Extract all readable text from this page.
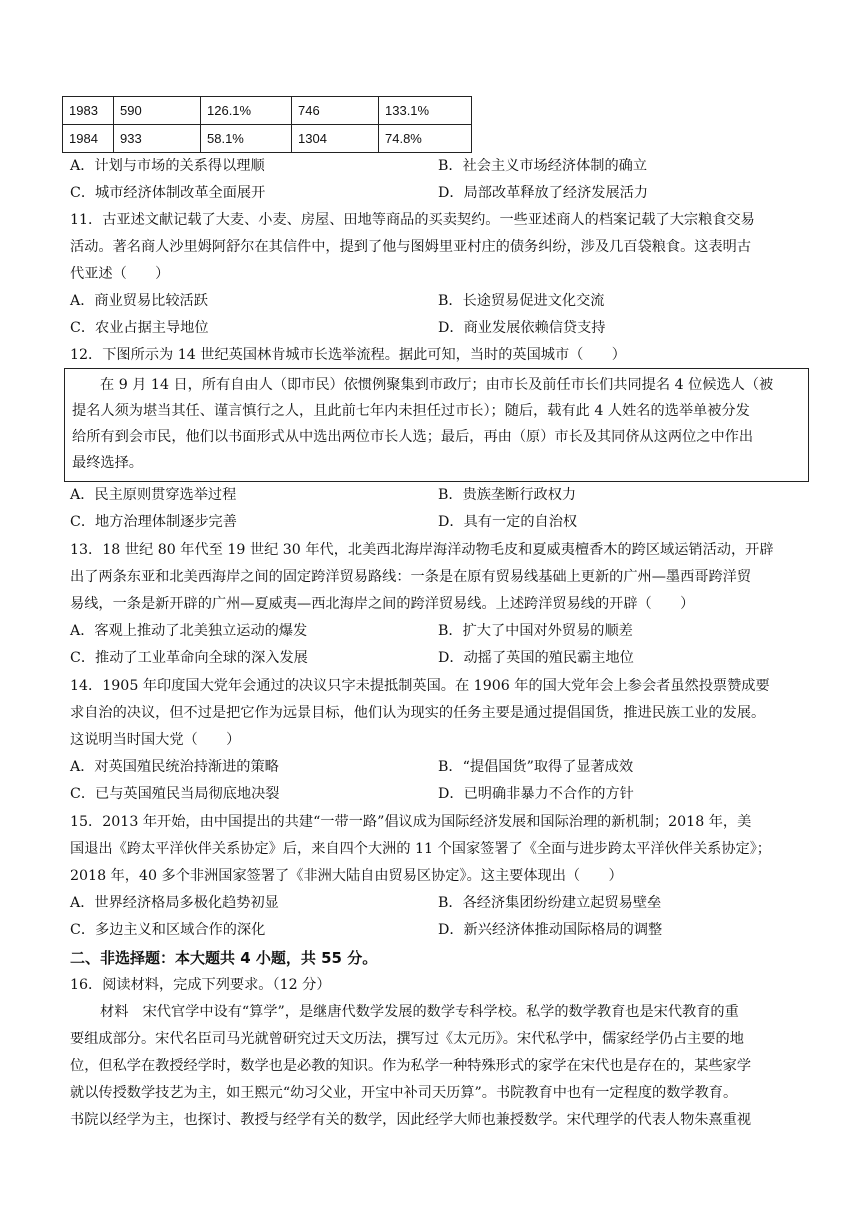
1983	590	126.1%	746	133.1%
1984	933	58.1%	1304	74.8%
A．计划与市场的关系得以理顺	B．社会主义市场经济体制的确立
C．城市经济体制改革全面展开	D．局部改革释放了经济发展活力
11．古亚述文献记载了大麦、小麦、房屋、田地等商品的买卖契约。一些亚述商人的档案记载了大宗粮食交易
活动。著名商人沙里姆阿舒尔在其信件中，提到了他与图姆里亚村庄的债务纠纷，涉及几百袋粮食。这表明古
代亚述（　　）
A．商业贸易比较活跃	B．长途贸易促进文化交流
C．农业占据主导地位	D．商业发展依赖信贷支持
12．下图所示为 14 世纪英国林肯城市长选举流程。据此可知，当时的英国城市（　　）
在 9 月 14 日，所有自由人（即市民）依惯例聚集到市政厅；由市长及前任市长们共同提名 4 位候选人（被
提名人须为堪当其任、谨言慎行之人，且此前七年内未担任过市长）；随后，载有此 4 人姓名的选举单被分发
给所有到会市民，他们以书面形式从中选出两位市长人选；最后，再由（原）市长及其同侪从这两位之中作出
最终选择。
A．民主原则贯穿选举过程	B．贵族垄断行政权力
C．地方治理体制逐步完善	D．具有一定的自治权
13．18 世纪 80 年代至 19 世纪 30 年代，北美西北海岸海洋动物毛皮和夏威夷檀香木的跨区域运销活动，开辟
出了两条东亚和北美西海岸之间的固定跨洋贸易路线：一条是在原有贸易线基础上更新的广州—墨西哥跨洋贸
易线，一条是新开辟的广州—夏威夷—西北海岸之间的跨洋贸易线。上述跨洋贸易线的开辟（　　）
A．客观上推动了北美独立运动的爆发	B．扩大了中国对外贸易的顺差
C．推动了工业革命向全球的深入发展	D．动摇了英国的殖民霸主地位
14．1905 年印度国大党年会通过的决议只字未提抵制英国。在 1906 年的国大党年会上参会者虽然投票赞成要
求自治的决议，但不过是把它作为远景目标，他们认为现实的任务主要是通过提倡国货，推进民族工业的发展。
这说明当时国大党（　　）
A．对英国殖民统治持渐进的策略	B．“提倡国货”取得了显著成效
C．已与英国殖民当局彻底地决裂	D．已明确非暴力不合作的方针
15．2013 年开始，由中国提出的共建“一带一路”倡议成为国际经济发展和国际治理的新机制；2018 年，美
国退出《跨太平洋伙伴关系协定》后，来自四个大洲的 11 个国家签署了《全面与进步跨太平洋伙伴关系协定》；
2018 年，40 多个非洲国家签署了《非洲大陆自由贸易区协定》。这主要体现出（　　）
A．世界经济格局多极化趋势初显	B．各经济集团纷纷建立起贸易壁垒
C．多边主义和区域合作的深化	D．新兴经济体推动国际格局的调整
二、非选择题：本大题共 4 小题，共 55 分。
16．阅读材料，完成下列要求。（12 分）
材料　宋代官学中设有“算学”，是继唐代数学发展的数学专科学校。私学的数学教育也是宋代教育的重
要组成部分。宋代名臣司马光就曾研究过天文历法，撰写过《太元历》。宋代私学中，儒家经学仍占主要的地
位，但私学在教授经学时，数学也是必教的知识。作为私学一种特殊形式的家学在宋代也是存在的，某些家学
就以传授数学技艺为主，如王熙元“幼习父业，开宝中补司天历算”。书院教育中也有一定程度的数学教育。
书院以经学为主，也探讨、教授与经学有关的数学，因此经学大师也兼授数学。宋代理学的代表人物朱熹重视
